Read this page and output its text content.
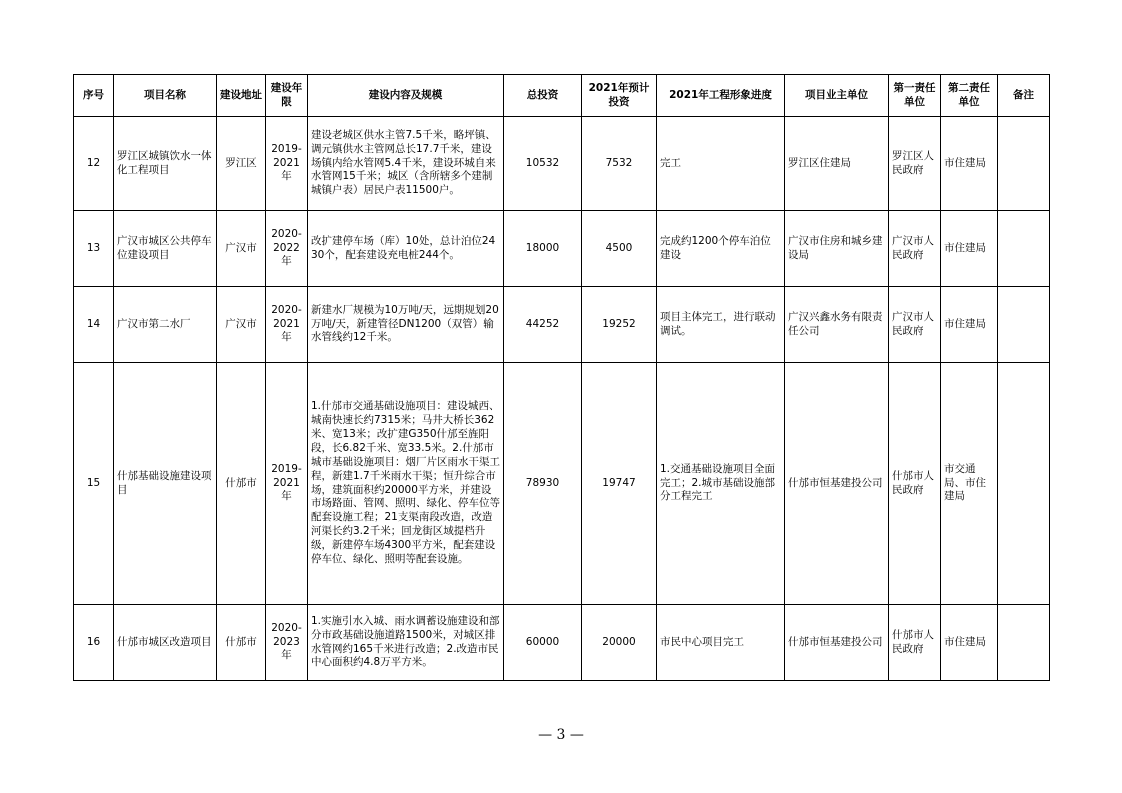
序号	项目名称	建设地址	建设年限	建设内容及规模	总投资	2021年预计投资	2021年工程形象进度	项目业主单位	第一责任单位	第二责任单位	备注
12	罗江区城镇饮水一体化工程项目	罗江区	2019-2021年	建设老城区供水主管7.5千米，略坪镇、调元镇供水主管网总长17.7千米，建设场镇内给水管网5.4千米，建设环城自来水管网15千米；城区（含所辖多个建制城镇户表）居民户表11500户。	10532	7532	完工	罗江区住建局	罗江区人民政府	市住建局	
13	广汉市城区公共停车位建设项目	广汉市	2020-2022年	改扩建停车场（库）10处，总计泊位2430个，配套建设充电桩244个。	18000	4500	完成约1200个停车泊位建设	广汉市住房和城乡建设局	广汉市人民政府	市住建局	
14	广汉市第二水厂	广汉市	2020-2021年	新建水厂规模为10万吨/天，远期规划20万吨/天，新建管径DN1200（双管）输水管线约12千米。	44252	19252	项目主体完工，进行联动调试。	广汉兴鑫水务有限责任公司	广汉市人民政府	市住建局	
15	什邡基础设施建设项目	什邡市	2019-2021年	1.什邡市交通基础设施项目：建设城西、城南快速长约7315米；马井大桥长362米、宽13米；改扩建G350什邡至旌阳段，长6.82千米、宽33.5米。2.什邡市城市基础设施项目：烟厂片区雨水干渠工程，新建1.7千米雨水干渠；恒升综合市场，建筑面积约20000平方米，并建设市场路面、管网、照明、绿化、停车位等配套设施工程；21支渠南段改造，改造河渠长约3.2千米；回龙街区域提档升级，新建停车场4300平方米，配套建设停车位、绿化、照明等配套设施。	78930	19747	1.交通基础设施项目全面完工；2.城市基础设施部分工程完工	什邡市恒基建投公司	什邡市人民政府	市交通局、市住建局	
16	什邡市城区改造项目	什邡市	2020-2023年	1.实施引水入城、雨水调蓄设施建设和部分市政基础设施道路1500米，对城区排水管网约165千米进行改造；2.改造市民中心面积约4.8万平方米。	60000	20000	市民中心项目完工	什邡市恒基建投公司	什邡市人民政府	市住建局	
— 3 —
